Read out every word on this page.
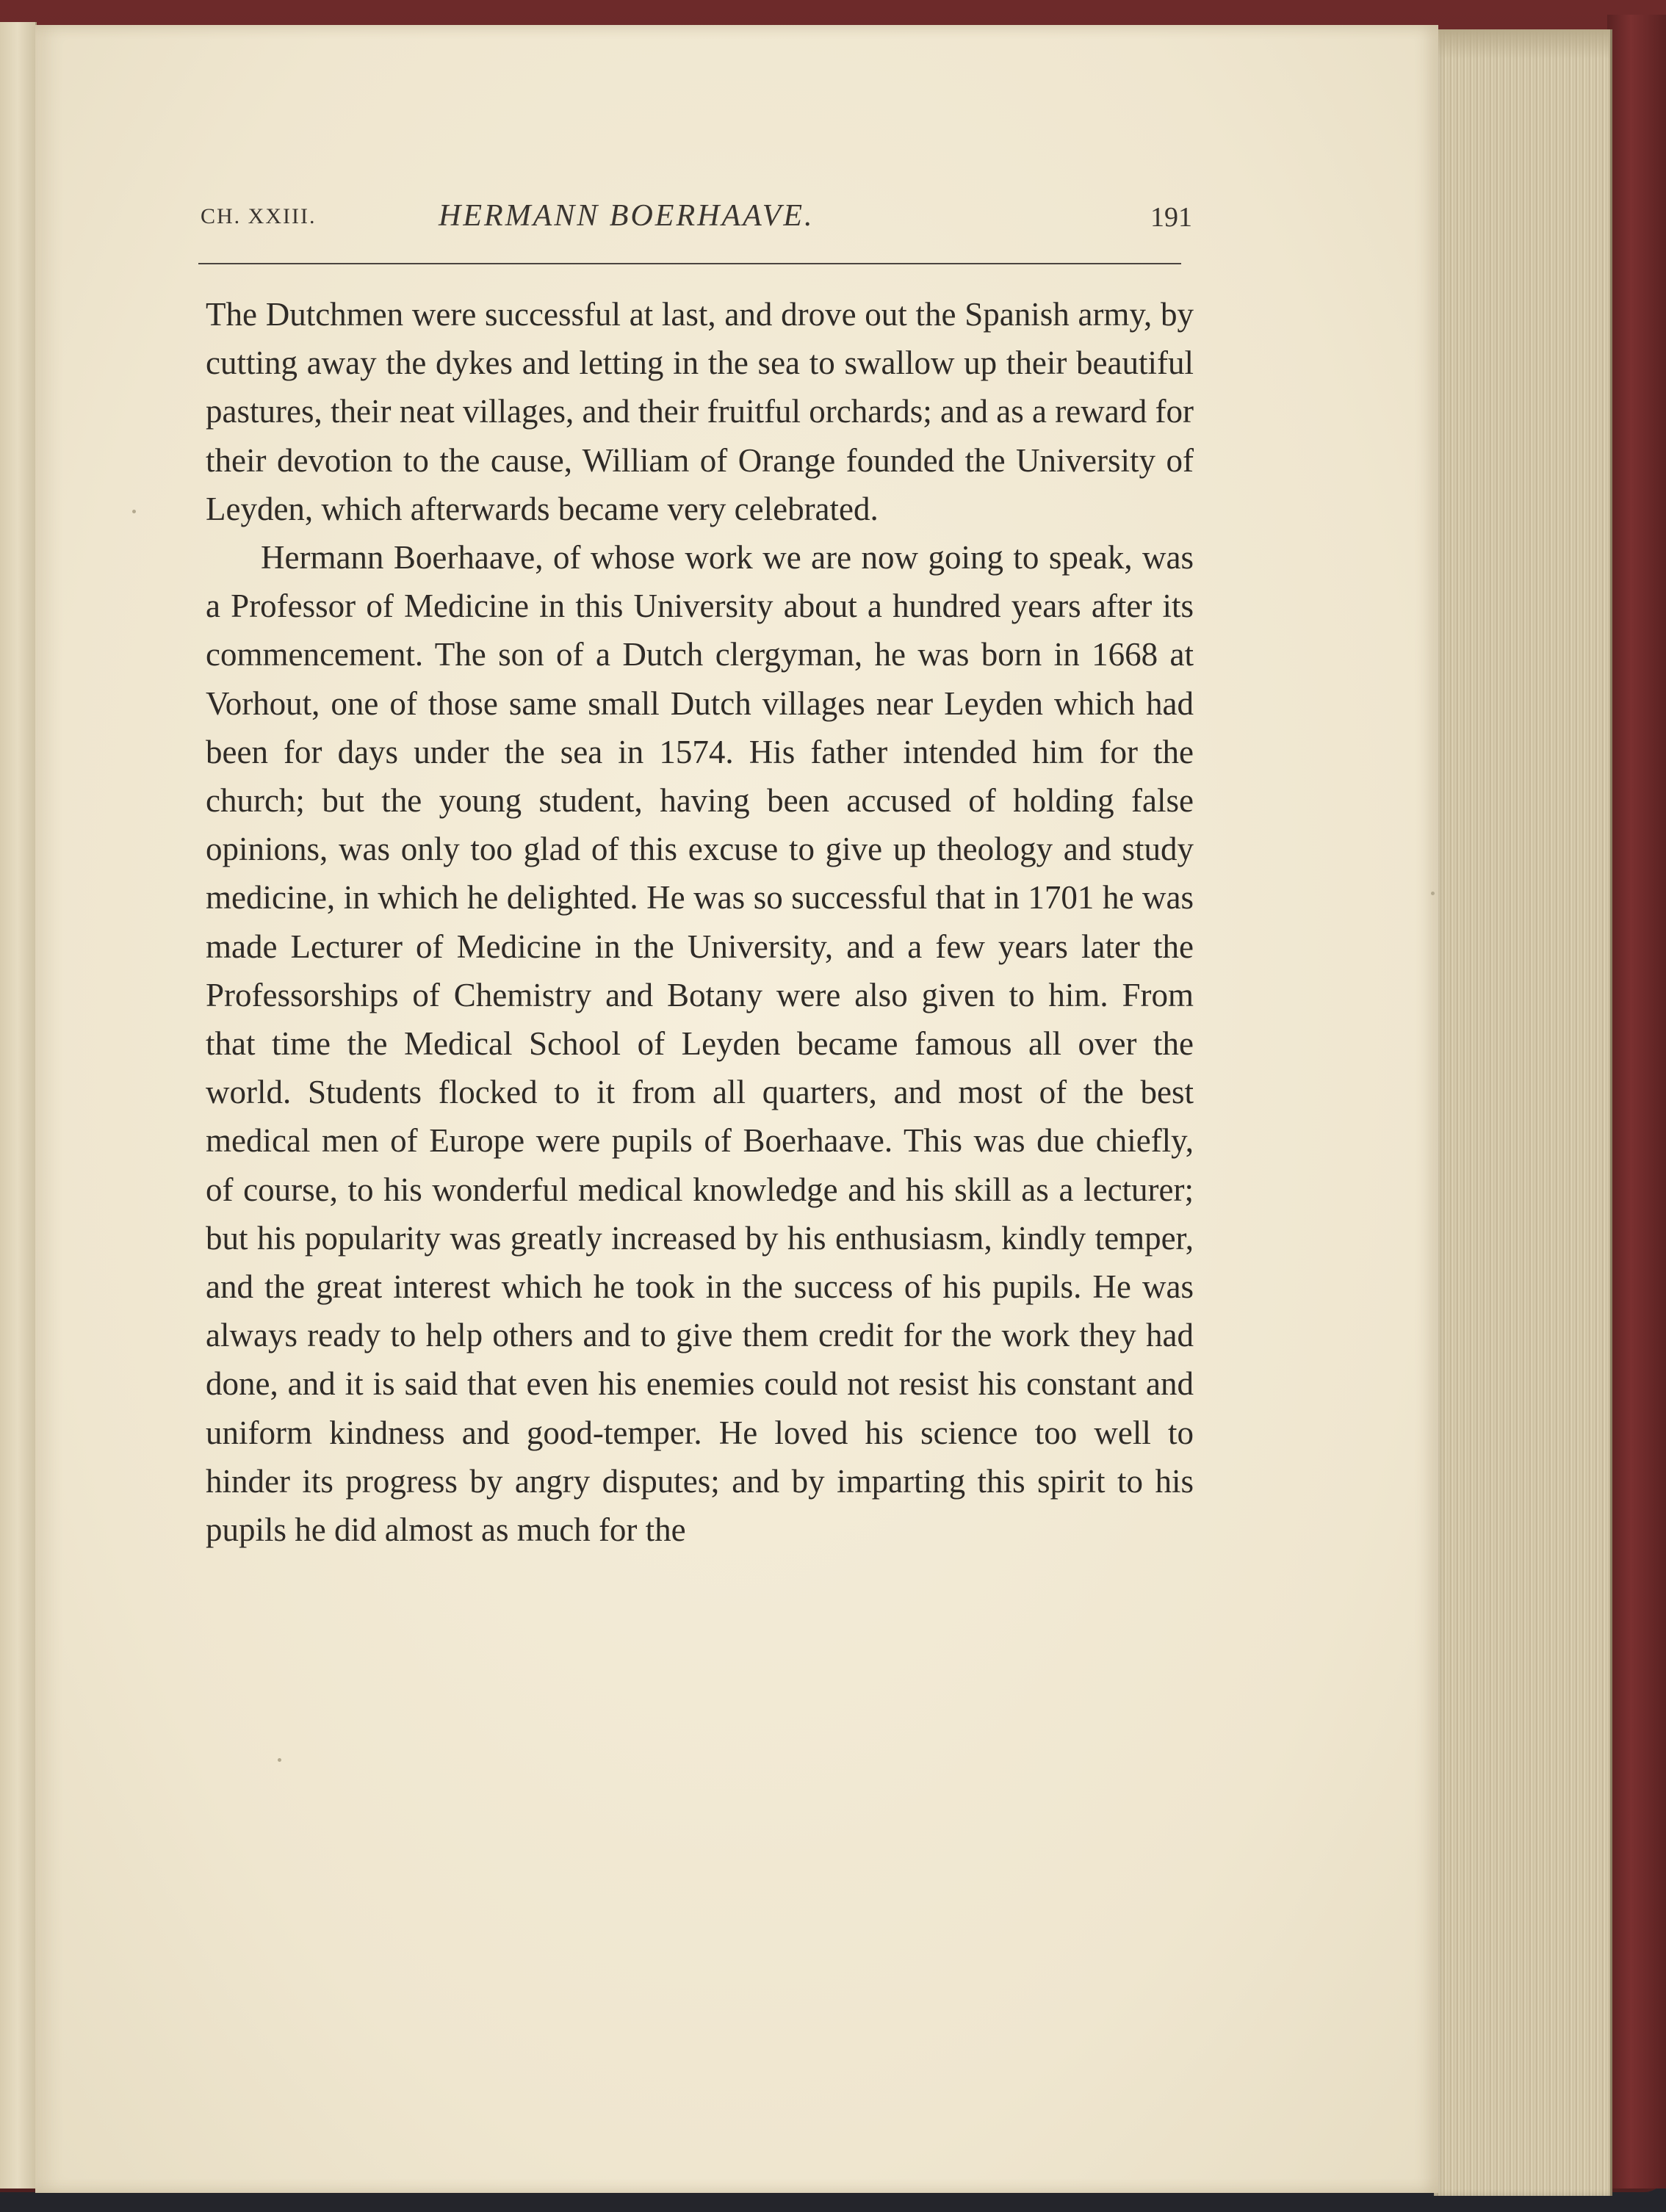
CH. XXIII.	HERMANN BOERHAAVE.	191

The Dutchmen were successful at last, and drove out the Spanish army, by cutting away the dykes and letting in the sea to swallow up their beautiful pastures, their neat villages, and their fruitful orchards; and as a reward for their devotion to the cause, William of Orange founded the University of Leyden, which afterwards became very celebrated.

Hermann Boerhaave, of whose work we are now going to speak, was a Professor of Medicine in this University about a hundred years after its commencement. The son of a Dutch clergyman, he was born in 1668 at Vorhout, one of those same small Dutch villages near Leyden which had been for days under the sea in 1574. His father intended him for the church; but the young student, having been accused of holding false opinions, was only too glad of this excuse to give up theology and study medicine, in which he delighted. He was so successful that in 1701 he was made Lecturer of Medicine in the University, and a few years later the Professorships of Chemistry and Botany were also given to him. From that time the Medical School of Leyden became famous all over the world. Students flocked to it from all quarters, and most of the best medical men of Europe were pupils of Boerhaave. This was due chiefly, of course, to his wonderful medical knowledge and his skill as a lecturer; but his popularity was greatly increased by his enthusiasm, kindly temper, and the great interest which he took in the success of his pupils. He was always ready to help others and to give them credit for the work they had done, and it is said that even his enemies could not resist his constant and uniform kindness and good-temper. He loved his science too well to hinder its progress by angry disputes; and by imparting this spirit to his pupils he did almost as much for the
